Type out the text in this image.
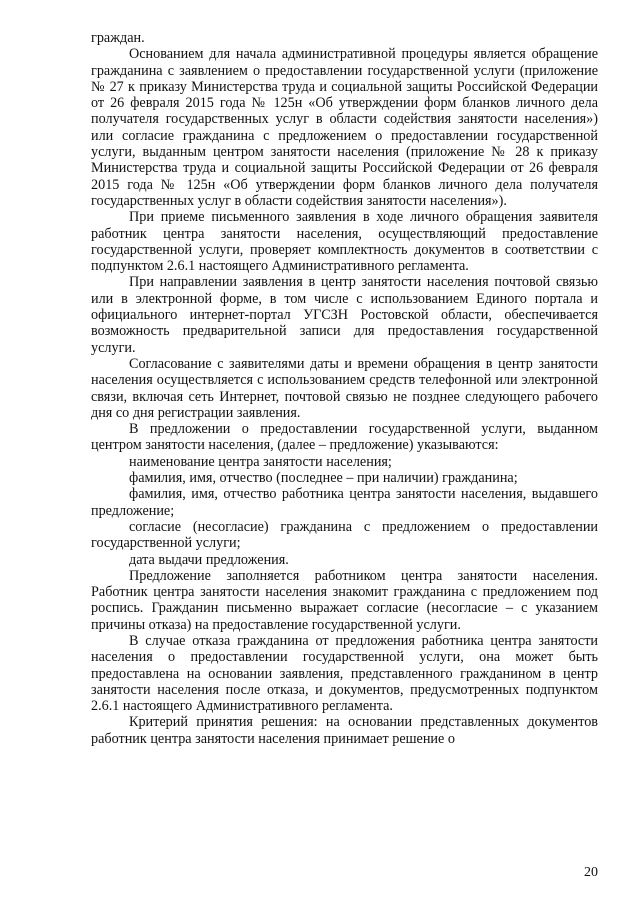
граждан.

Основанием для начала административной процедуры является обращение гражданина с заявлением о предоставлении государственной услуги (приложение № 27 к приказу Министерства труда и социальной защиты Российской Федерации от 26 февраля 2015 года № 125н «Об утверждении форм бланков личного дела получателя государственных услуг в области содействия занятости населения») или согласие гражданина с предложением о предоставлении государственной услуги, выданным центром занятости населения (приложение № 28 к приказу Министерства труда и социальной защиты Российской Федерации от 26 февраля 2015 года № 125н «Об утверждении форм бланков личного дела получателя государственных услуг в области содействия занятости населения»).

При приеме письменного заявления в ходе личного обращения заявителя работник центра занятости населения, осуществляющий предоставление государственной услуги, проверяет комплектность документов в соответствии с подпунктом 2.6.1 настоящего Административного регламента.

При направлении заявления в центр занятости населения почтовой связью или в электронной форме, в том числе с использованием Единого портала и официального интернет-портал УГСЗН Ростовской области, обеспечивается возможность предварительной записи для предоставления государственной услуги.

Согласование с заявителями даты и времени обращения в центр занятости населения осуществляется с использованием средств телефонной или электронной связи, включая сеть Интернет, почтовой связью не позднее следующего рабочего дня со дня регистрации заявления.

В предложении о предоставлении государственной услуги, выданном центром занятости населения, (далее – предложение) указываются:

наименование центра занятости населения;

фамилия, имя, отчество (последнее – при наличии) гражданина;

фамилия, имя, отчество работника центра занятости населения, выдавшего предложение;

согласие (несогласие) гражданина с предложением о предоставлении государственной услуги;

дата выдачи предложения.

Предложение заполняется работником центра занятости населения. Работник центра занятости населения знакомит гражданина с предложением под роспись. Гражданин письменно выражает согласие (несогласие – с указанием причины отказа) на предоставление государственной услуги.

В случае отказа гражданина от предложения работника центра занятости населения о предоставлении государственной услуги, она может быть предоставлена на основании заявления, представленного гражданином в центр занятости населения после отказа, и документов, предусмотренных подпунктом 2.6.1 настоящего Административного регламента.

Критерий принятия решения: на основании представленных документов работник центра занятости населения принимает решение о

20
